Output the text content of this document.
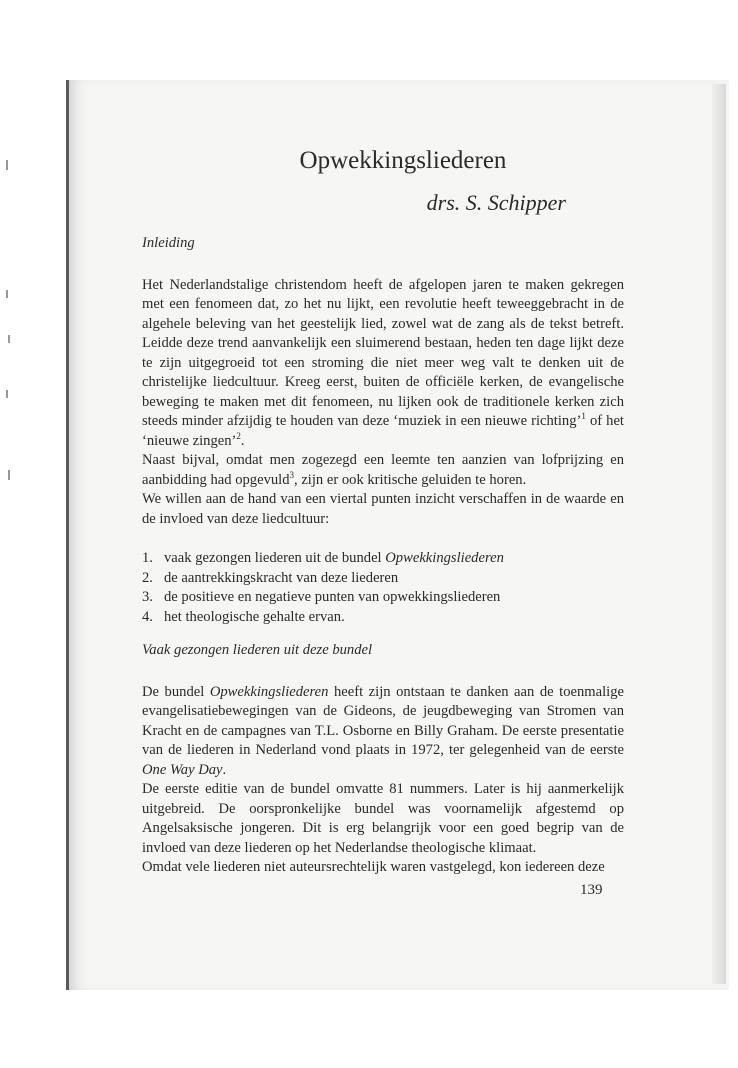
Opwekkingsliederen
drs. S. Schipper
Inleiding

Het Nederlandstalige christendom heeft de afgelopen jaren te maken gekregen met een fenomeen dat, zo het nu lijkt, een revolutie heeft teweeggebracht in de algehele beleving van het geestelijk lied, zowel wat de zang als de tekst betreft. Leidde deze trend aanvankelijk een sluimerend bestaan, heden ten dage lijkt deze te zijn uitgegroeid tot een stroming die niet meer weg valt te denken uit de christelijke liedcultuur. Kreeg eerst, buiten de officiële kerken, de evangelische beweging te maken met dit fenomeen, nu lijken ook de traditionele kerken zich steeds minder afzijdig te houden van deze ‘muziek in een nieuwe richting’$^1$ of het ‘nieuwe zingen’$^2$.

Naast bijval, omdat men zogezegd een leemte ten aanzien van lofprijzing en aanbidding had opgevuld$^3$, zijn er ook kritische geluiden te horen.

We willen aan de hand van een viertal punten inzicht verschaffen in de waarde en de invloed van deze liedcultuur:

1. vaak gezongen liederen uit de bundel Opwekkingsliederen
2. de aantrekkingskracht van deze liederen
3. de positieve en negatieve punten van opwekkingsliederen
4. het theologische gehalte ervan.
Vaak gezongen liederen uit deze bundel

De bundel Opwekkingsliederen heeft zijn ontstaan te danken aan de toenmalige evangelisatiebewegingen van de Gideons, de jeugdbeweging van Stromen van Kracht en de campagnes van T.L. Osborne en Billy Graham. De eerste presentatie van de liederen in Nederland vond plaats in 1972, ter gelegenheid van de eerste One Way Day.

De eerste editie van de bundel omvatte 81 nummers. Later is hij aanmerkelijk uitgebreid. De oorspronkelijke bundel was voornamelijk afgestemd op Angelsaksische jongeren. Dit is erg belangrijk voor een goed begrip van de invloed van deze liederen op het Nederlandse theologische klimaat.

Omdat vele liederen niet auteursrechtelijk waren vastgelegd, kon iedereen deze

139
